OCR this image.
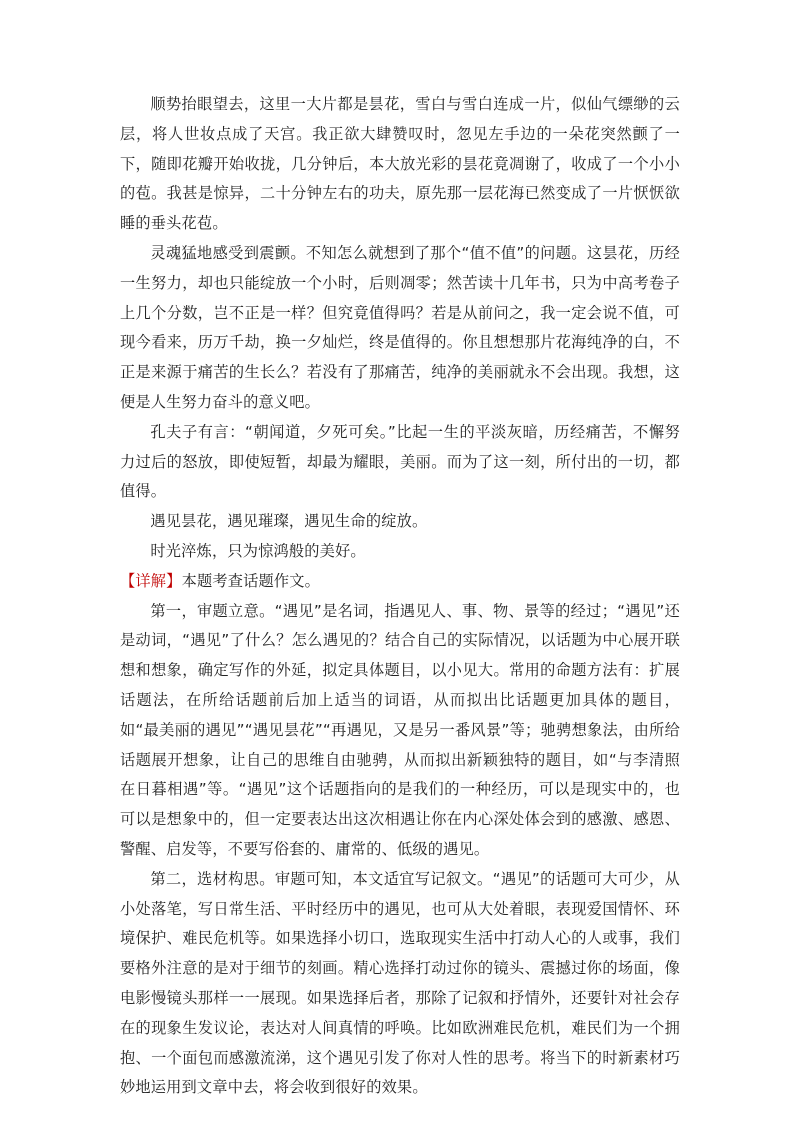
顺势抬眼望去，这里一大片都是昙花，雪白与雪白连成一片，似仙气缥缈的云层，将人世妆点成了天宫。我正欲大肆赞叹时，忽见左手边的一朵花突然颤了一下，随即花瓣开始收拢，几分钟后，本大放光彩的昙花竟凋谢了，收成了一个小小的苞。我甚是惊异，二十分钟左右的功夫，原先那一层花海已然变成了一片恹恹欲睡的垂头花苞。

灵魂猛地感受到震颤。不知怎么就想到了那个“值不值”的问题。这昙花，历经一生努力，却也只能绽放一个小时，后则凋零；然苦读十几年书，只为中高考卷子上几个分数，岂不正是一样？但究竟值得吗？若是从前问之，我一定会说不值，可现今看来，历万千劫，换一夕灿烂，终是值得的。你且想想那片花海纯净的白，不正是来源于痛苦的生长么？若没有了那痛苦，纯净的美丽就永不会出现。我想，这便是人生努力奋斗的意义吧。

孔夫子有言：“朝闻道，夕死可矣。”比起一生的平淡灰暗，历经痛苦，不懈努力过后的怒放，即使短暂，却最为耀眼，美丽。而为了这一刻，所付出的一切，都值得。

遇见昙花，遇见璀璨，遇见生命的绽放。

时光淬炼，只为惊鸿般的美好。

【详解】本题考查话题作文。

第一，审题立意。“遇见”是名词，指遇见人、事、物、景等的经过；“遇见”还是动词，“遇见”了什么？怎么遇见的？结合自己的实际情况，以话题为中心展开联想和想象，确定写作的外延，拟定具体题目，以小见大。常用的命题方法有：扩展话题法，在所给话题前后加上适当的词语，从而拟出比话题更加具体的题目，如“最美丽的遇见”“遇见昙花”“再遇见，又是另一番风景”等；驰骋想象法，由所给话题展开想象，让自己的思维自由驰骋，从而拟出新颖独特的题目，如“与李清照在日暮相遇”等。“遇见”这个话题指向的是我们的一种经历，可以是现实中的，也可以是想象中的，但一定要表达出这次相遇让你在内心深处体会到的感激、感恩、警醒、启发等，不要写俗套的、庸常的、低级的遇见。

第二，选材构思。审题可知，本文适宜写记叙文。“遇见”的话题可大可少，从小处落笔，写日常生活、平时经历中的遇见，也可从大处着眼，表现爱国情怀、环境保护、难民危机等。如果选择小切口，选取现实生活中打动人心的人或事，我们要格外注意的是对于细节的刻画。精心选择打动过你的镜头、震撼过你的场面，像电影慢镜头那样一一展现。如果选择后者，那除了记叙和抒情外，还要针对社会存在的现象生发议论，表达对人间真情的呼唤。比如欧洲难民危机，难民们为一个拥抱、一个面包而感激流涕，这个遇见引发了你对人性的思考。将当下的时新素材巧妙地运用到文章中去，将会收到很好的效果。
